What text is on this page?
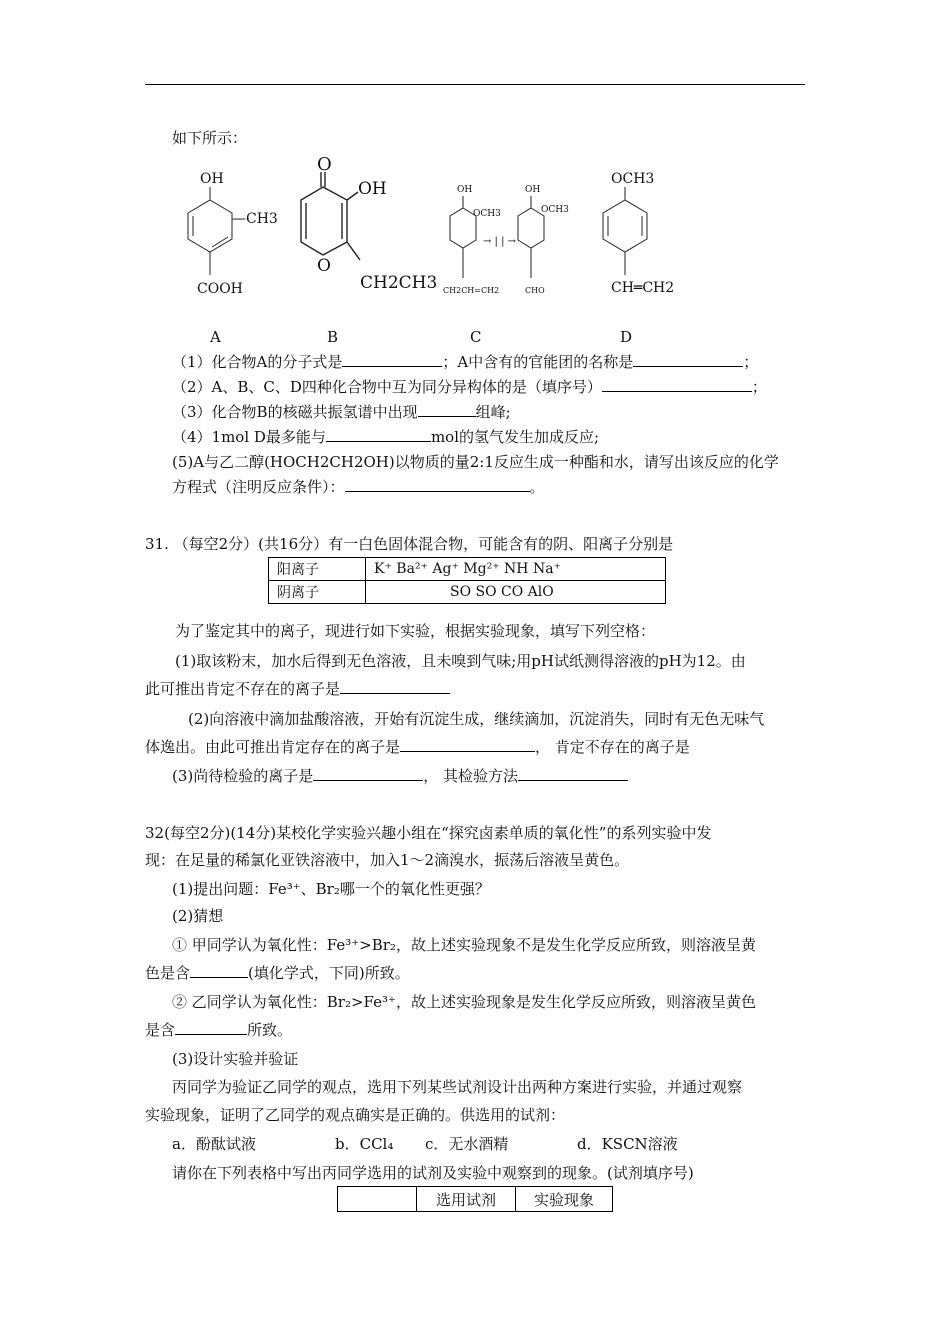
如下所示：
OH
—CH3
COOH
O
OH
O
CH2CH3
OH
OCH3
→ | | →
CH2CH=CH2
OH
OCH3
CHO
OCH3
CH═CH2
A	B	C	D
（1）化合物A的分子式是	；A中含有的官能团的名称是	；
（2）A、B、C、D四种化合物中互为同分异构体的是（填序号）	；
（3）化合物B的核磁共振氢谱中出现	组峰;
（4）1mol D最多能与	mol的氢气发生加成反应;
(5)A与乙二醇(HOCH2CH2OH)以物质的量2:1反应生成一种酯和水，请写出该反应的化学
方程式（注明反应条件）：	。
31. （每空2分）(共16分）有一白色固体混合物，可能含有的阴、阳离子分别是
阳离子	K⁺ Ba²⁺ Ag⁺ Mg²⁺ NH Na⁺
阴离子	SO SO CO AlO
为了鉴定其中的离子，现进行如下实验，根据实验现象，填写下列空格：
(1)取该粉末，加水后得到无色溶液，且未嗅到气味;用pH试纸测得溶液的pH为12。由
此可推出肯定不存在的离子是
(2)向溶液中滴加盐酸溶液，开始有沉淀生成，继续滴加，沉淀消失，同时有无色无味气
体逸出。由此可推出肯定存在的离子是	， 肯定不存在的离子是
(3)尚待检验的离子是	， 其检验方法
32(每空2分)(14分)某校化学实验兴趣小组在“探究卤素单质的氧化性”的系列实验中发
现：在足量的稀氯化亚铁溶液中，加入1～2滴溴水，振荡后溶液呈黄色。
(1)提出问题：Fe³⁺、Br₂哪一个的氧化性更强？
(2)猜想
① 甲同学认为氧化性：Fe³⁺>Br₂，故上述实验现象不是发生化学反应所致，则溶液呈黄
色是含	(填化学式，下同)所致。
② 乙同学认为氧化性：Br₂>Fe³⁺，故上述实验现象是发生化学反应所致，则溶液呈黄色
是含	所致。
(3)设计实验并验证
丙同学为验证乙同学的观点，选用下列某些试剂设计出两种方案进行实验，并通过观察
实验现象，证明了乙同学的观点确实是正确的。供选用的试剂：
a．酚酞试液	b．CCl₄ c．无水酒精	d．KSCN溶液
请你在下列表格中写出丙同学选用的试剂及实验中观察到的现象。(试剂填序号)
	选用试剂	实验现象
